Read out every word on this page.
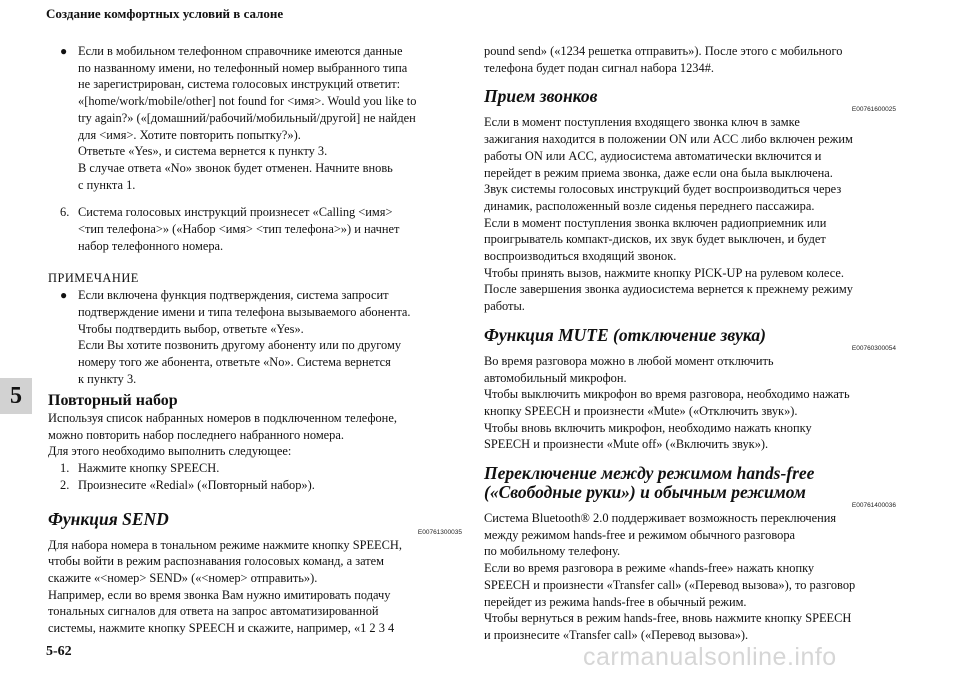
Создание комфортных условий в салоне
5
5-62	carmanualsonline.info
● Если в мобильном телефонном справочнике имеются данные
по названному имени, но телефонный номер выбранного типа
не зарегистрирован, система голосовых инструкций ответит:
«[home/work/mobile/other] not found for <имя>. Would you like to
try again?» («[домашний/рабочий/мобильный/другой] не найден
для <имя>. Хотите повторить попытку?»).
Ответьте «Yes», и система вернется к пункту 3.
В случае ответа «No» звонок будет отменен. Начните вновь
с пункта 1.
6. Система голосовых инструкций произнесет «Calling <имя>
<тип телефона>» («Набор <имя> <тип телефона>») и начнет
набор телефонного номера.
ПРИМЕЧАНИЕ
● Если включена функция подтверждения, система запросит
подтверждение имени и типа телефона вызываемого абонента.
Чтобы подтвердить выбор, ответьте «Yes».
Если Вы хотите позвонить другому абоненту или по другому
номеру того же абонента, ответьте «No». Система вернется
к пункту 3.
Повторный набор
Используя список набранных номеров в подключенном телефоне,
можно повторить набор последнего набранного номера.
Для этого необходимо выполнить следующее:
1. Нажмите кнопку SPEECH.
2. Произнесите «Redial» («Повторный набор»).
Функция SEND
E00761300035
Для набора номера в тональном режиме нажмите кнопку SPEECH,
чтобы войти в режим распознавания голосовых команд, а затем
скажите «<номер> SEND» («<номер> отправить»).
Например, если во время звонка Вам нужно имитировать подачу
тональных сигналов для ответа на запрос автоматизированной
системы, нажмите кнопку SPEECH и скажите, например, «1 2 3 4
pound send» («1234 решетка отправить»). После этого с мобильного
телефона будет подан сигнал набора 1234#.
Прием звонков
E00761600025
Если в момент поступления входящего звонка ключ в замке
зажигания находится в положении ON или ACC либо включен режим
работы ON или ACC, аудиосистема автоматически включится и
перейдет в режим приема звонка, даже если она была выключена.
Звук системы голосовых инструкций будет воспроизводиться через
динамик, расположенный возле сиденья переднего пассажира.
Если в момент поступления звонка включен радиоприемник или
проигрыватель компакт-дисков, их звук будет выключен, и будет
воспроизводиться входящий звонок.
Чтобы принять вызов, нажмите кнопку PICK-UP на рулевом колесе.
После завершения звонка аудиосистема вернется к прежнему режиму
работы.
Функция MUTE (отключение звука)
E00760300054
Во время разговора можно в любой момент отключить
автомобильный микрофон.
Чтобы выключить микрофон во время разговора, необходимо нажать
кнопку SPEECH и произнести «Mute» («Отключить звук»).
Чтобы вновь включить микрофон, необходимо нажать кнопку
SPEECH и произнести «Mute off» («Включить звук»).
Переключение между режимом hands-free
(«Свободные руки») и обычным режимом
E00761400036
Система Bluetooth® 2.0 поддерживает возможность переключения
между режимом hands-free и режимом обычного разговора
по мобильному телефону.
Если во время разговора в режиме «hands-free» нажать кнопку
SPEECH и произнести «Transfer call» («Перевод вызова»), то разговор
перейдет из режима hands-free в обычный режим.
Чтобы вернуться в режим hands-free, вновь нажмите кнопку SPEECH
и произнесите «Transfer call» («Перевод вызова»).
